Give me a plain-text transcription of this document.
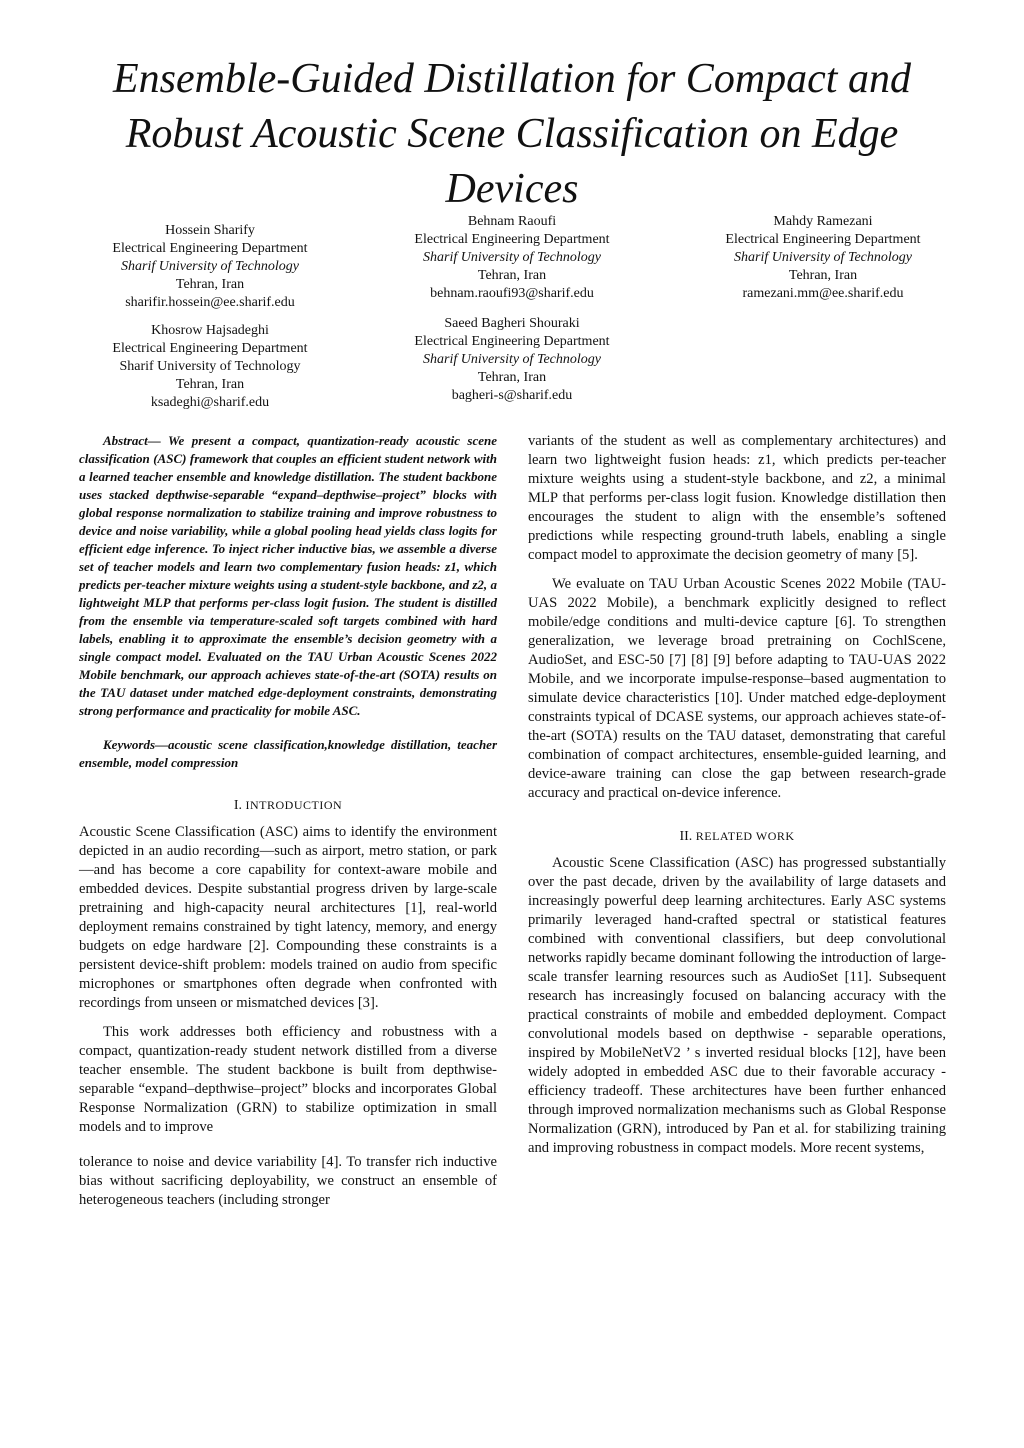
Ensemble-Guided Distillation for Compact and Robust Acoustic Scene Classification on Edge Devices
Hossein Sharify
Electrical Engineering Department
Sharif University of Technology
Tehran, Iran
sharifir.hossein@ee.sharif.edu
Behnam Raoufi
Electrical Engineering Department
Sharif University of Technology
Tehran, Iran
behnam.raoufi93@sharif.edu
Mahdy Ramezani
Electrical Engineering Department
Sharif University of Technology
Tehran, Iran
ramezani.mm@ee.sharif.edu
Khosrow Hajsadeghi
Electrical Engineering Department
Sharif University of Technology
Tehran, Iran
ksadeghi@sharif.edu
Saeed Bagheri Shouraki
Electrical Engineering Department
Sharif University of Technology
Tehran, Iran
bagheri-s@sharif.edu

Abstract— We present a compact, quantization-ready acoustic scene classification (ASC) framework that couples an efficient student network with a learned teacher ensemble and knowledge distillation. The student backbone uses stacked depthwise-separable “expand–depthwise–project” blocks with global response normalization to stabilize training and improve robustness to device and noise variability, while a global pooling head yields class logits for efficient edge inference. To inject richer inductive bias, we assemble a diverse set of teacher models and learn two complementary fusion heads: z1, which predicts per-teacher mixture weights using a student-style backbone, and z2, a lightweight MLP that performs per-class logit fusion. The student is distilled from the ensemble via temperature-scaled soft targets combined with hard labels, enabling it to approximate the ensemble’s decision geometry with a single compact model. Evaluated on the TAU Urban Acoustic Scenes 2022 Mobile benchmark, our approach achieves state-of-the-art (SOTA) results on the TAU dataset under matched edge-deployment constraints, demonstrating strong performance and practicality for mobile ASC.

Keywords—acoustic scene classification,knowledge distillation, teacher ensemble, model compression

I. INTRODUCTION

Acoustic Scene Classification (ASC) aims to identify the environment depicted in an audio recording—such as airport, metro station, or park—and has become a core capability for context-aware mobile and embedded devices. Despite substantial progress driven by large-scale pretraining and high-capacity neural architectures [1], real-world deployment remains constrained by tight latency, memory, and energy budgets on edge hardware [2]. Compounding these constraints is a persistent device-shift problem: models trained on audio from specific microphones or smartphones often degrade when confronted with recordings from unseen or mismatched devices [3].

This work addresses both efficiency and robustness with a compact, quantization-ready student network distilled from a diverse teacher ensemble. The student backbone is built from depthwise-separable “expand–depthwise–project” blocks and incorporates Global Response Normalization (GRN) to stabilize optimization in small models and to improve

tolerance to noise and device variability [4]. To transfer rich inductive bias without sacrificing deployability, we construct an ensemble of heterogeneous teachers (including stronger

variants of the student as well as complementary architectures) and learn two lightweight fusion heads: z1, which predicts per-teacher mixture weights using a student-style backbone, and z2, a minimal MLP that performs per-class logit fusion. Knowledge distillation then encourages the student to align with the ensemble’s softened predictions while respecting ground-truth labels, enabling a single compact model to approximate the decision geometry of many [5].

We evaluate on TAU Urban Acoustic Scenes 2022 Mobile (TAU-UAS 2022 Mobile), a benchmark explicitly designed to reflect mobile/edge conditions and multi-device capture [6]. To strengthen generalization, we leverage broad pretraining on CochlScene, AudioSet, and ESC-50 [7] [8] [9] before adapting to TAU-UAS 2022 Mobile, and we incorporate impulse-response–based augmentation to simulate device characteristics [10]. Under matched edge-deployment constraints typical of DCASE systems, our approach achieves state-of-the-art (SOTA) results on the TAU dataset, demonstrating that careful combination of compact architectures, ensemble-guided learning, and device-aware training can close the gap between research-grade accuracy and practical on-device inference.

II. RELATED WORK

Acoustic Scene Classification (ASC) has progressed substantially over the past decade, driven by the availability of large datasets and increasingly powerful deep learning architectures. Early ASC systems primarily leveraged hand-crafted spectral or statistical features combined with conventional classifiers, but deep convolutional networks rapidly became dominant following the introduction of large-scale transfer learning resources such as AudioSet [11]. Subsequent research has increasingly focused on balancing accuracy with the practical constraints of mobile and embedded deployment. Compact convolutional models based on depthwise - separable operations, inspired by MobileNetV2 ’ s inverted residual blocks [12], have been widely adopted in embedded ASC due to their favorable accuracy - efficiency tradeoff. These architectures have been further enhanced through improved normalization mechanisms such as Global Response Normalization (GRN), introduced by Pan et al. for stabilizing training and improving robustness in compact models. More recent systems,
